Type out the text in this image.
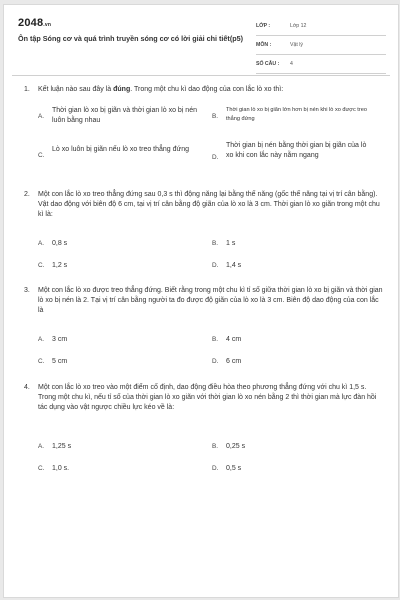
2048.vn
Ôn tập Sóng cơ và quá trình truyền sóng cơ có lời giải chi tiết(p5)
LỚP :	Lớp 12
MÔN :	Vật lý
SỐ CÂU : 4
1.	Kết luận nào sau đây là đúng. Trong một chu kì dao động của con lắc lò xo thì:
A.
Thời gian lò xo bị giãn và thời gian lò xo bị nén luôn bằng nhau
B.
Thời gian lò xo bị giãn lớn hơn bị nén khi lò xo được treo thẳng đứng
C.
Lò xo luôn bị giãn nếu lò xo treo thẳng đứng
D.
Thời gian bị nén bằng thời gian bị giãn của lò xo khi con lắc này nằm ngang
2.	Một con lắc lò xo treo thẳng đứng sau 0,3 s thì động năng lại bằng thế năng (gốc thế năng tại vị trí cân bằng). Vật dao động với biên độ 6 cm, tại vị trí cân bằng độ giãn của lò xo là 3 cm. Thời gian lò xo giãn trong một chu kì là:
A. 0,8 s	B. 1 s
C. 1,2 s	D. 1,4 s
3.	Một con lắc lò xo được treo thẳng đứng. Biết rằng trong một chu kì tỉ số giữa thời gian lò xo bị giãn và thời gian lò xo bị nén là 2. Tại vị trí cân bằng người ta đo được độ giãn của lò xo là 3 cm. Biên độ dao động của con lắc là
A. 3 cm	B. 4 cm
C. 5 cm	D. 6 cm
4.	Một con lắc lò xo treo vào một điểm cố định, dao động điều hòa theo phương thẳng đứng với chu kì 1,5 s. Trong một chu kì, nếu tỉ số của thời gian lò xo giãn với thời gian lò xo nén bằng 2 thì thời gian mà lực đàn hồi tác dụng vào vật ngược chiều lực kéo về là:
A. 1,25 s	B. 0,25 s
C. 1,0 s.	D. 0,5 s
